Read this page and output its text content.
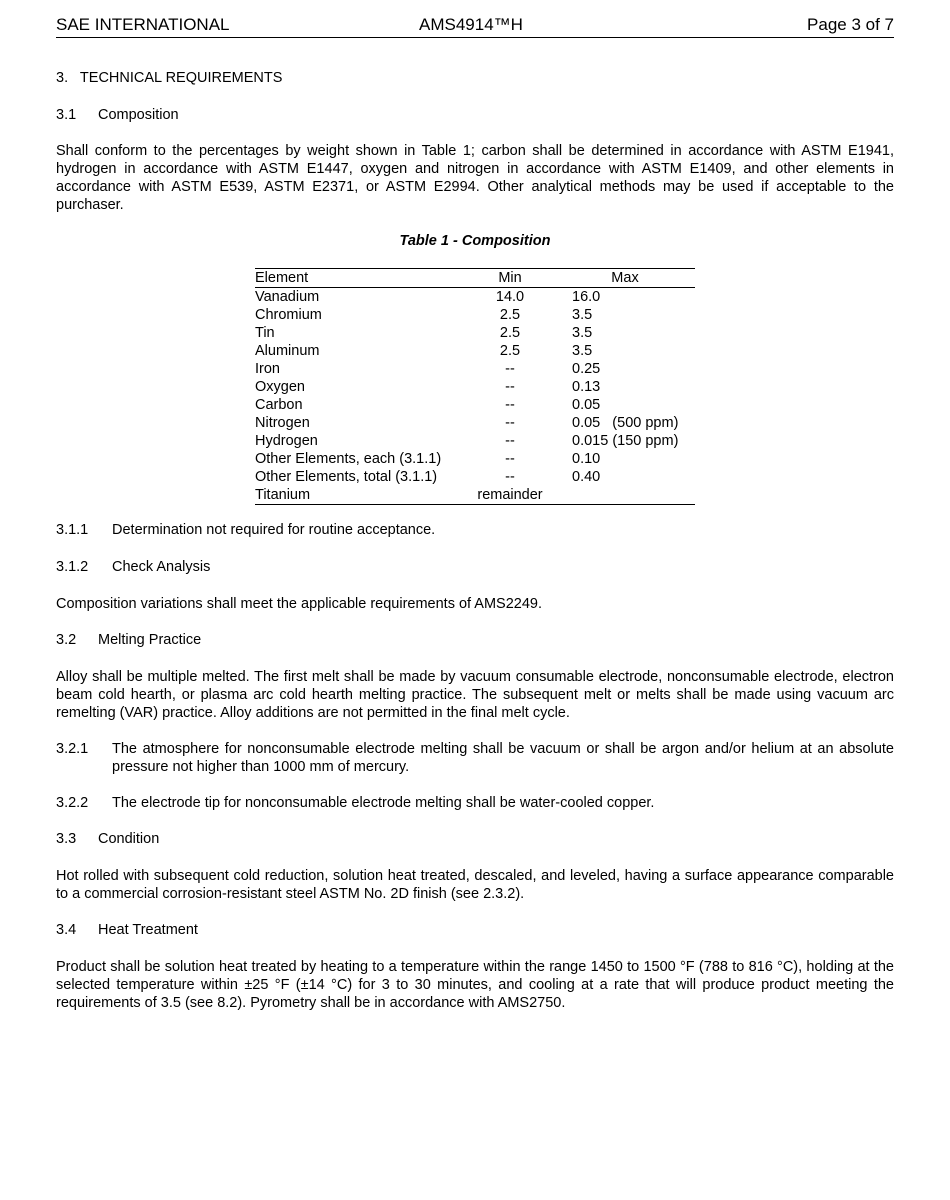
SAE INTERNATIONAL	AMS4914™H	Page 3 of 7
3.   TECHNICAL REQUIREMENTS
3.1 Composition
Shall conform to the percentages by weight shown in Table 1; carbon shall be determined in accordance with ASTM E1941, hydrogen in accordance with ASTM E1447, oxygen and nitrogen in accordance with ASTM E1409, and other elements in accordance with ASTM E539, ASTM E2371, or ASTM E2994. Other analytical methods may be used if acceptable to the purchaser.
Table 1 - Composition
Element	Min	Max
Vanadium	14.0	16.0
Chromium	2.5	3.5
Tin	2.5	3.5
Aluminum	2.5	3.5
Iron	--	0.25
Oxygen	--	0.13
Carbon	--	0.05
Nitrogen	--	0.05   (500 ppm)
Hydrogen	--	0.015 (150 ppm)
Other Elements, each (3.1.1)	--	0.10
Other Elements, total (3.1.1)	--	0.40
Titanium	remainder
3.1.1 Determination not required for routine acceptance.
3.1.2 Check Analysis
Composition variations shall meet the applicable requirements of AMS2249.
3.2 Melting Practice
Alloy shall be multiple melted. The first melt shall be made by vacuum consumable electrode, nonconsumable electrode, electron beam cold hearth, or plasma arc cold hearth melting practice. The subsequent melt or melts shall be made using vacuum arc remelting (VAR) practice. Alloy additions are not permitted in the final melt cycle.
3.2.1 The atmosphere for nonconsumable electrode melting shall be vacuum or shall be argon and/or helium at an absolute pressure not higher than 1000 mm of mercury.
3.2.2 The electrode tip for nonconsumable electrode melting shall be water-cooled copper.
3.3 Condition
Hot rolled with subsequent cold reduction, solution heat treated, descaled, and leveled, having a surface appearance comparable to a commercial corrosion-resistant steel ASTM No. 2D finish (see 2.3.2).
3.4 Heat Treatment
Product shall be solution heat treated by heating to a temperature within the range 1450 to 1500 °F (788 to 816 °C), holding at the selected temperature within ±25 °F (±14 °C) for 3 to 30 minutes, and cooling at a rate that will produce product meeting the requirements of 3.5 (see 8.2). Pyrometry shall be in accordance with AMS2750.
